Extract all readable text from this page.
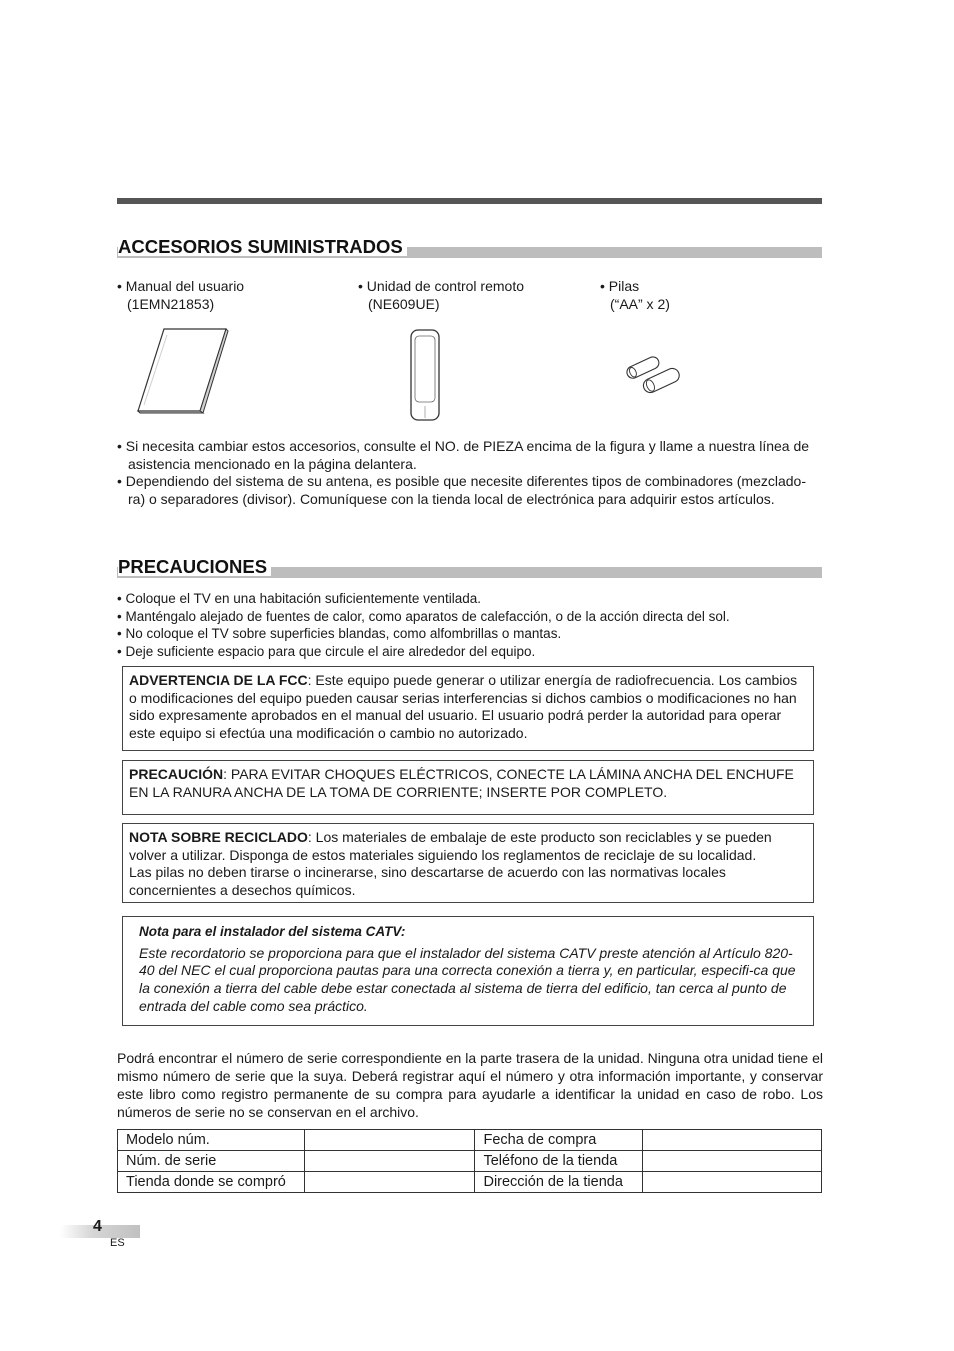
ACCESORIOS SUMINISTRADOS
• Manual del usuario
(1EMN21853)
• Unidad de control remoto
(NE609UE)
• Pilas
(“AA” x 2)

• Si necesita cambiar estos accesorios, consulte el NO. de PIEZA encima de la figura y llame a nuestra línea de asistencia mencionado en la página delantera.

• Dependiendo del sistema de su antena, es posible que necesite diferentes tipos de combinadores (mezclado-ra) o separadores (divisor). Comuníquese con la tienda local de electrónica para adquirir estos artículos.

PRECAUCIONES

• Coloque el TV en una habitación suficientemente ventilada.

• Manténgalo alejado de fuentes de calor, como aparatos de calefacción, o de la acción directa del sol.

• No coloque el TV sobre superficies blandas, como alfombrillas o mantas.

• Deje suficiente espacio para que circule el aire alrededor del equipo.

ADVERTENCIA DE LA FCC: Este equipo puede generar o utilizar energía de radiofrecuencia. Los cambios o modificaciones del equipo pueden causar serias interferencias si dichos cambios o modificaciones no han sido expresamente aprobados en el manual del usuario. El usuario podrá perder la autoridad para operar este equipo si efectúa una modificación o cambio no autorizado.

PRECAUCIÓN: PARA EVITAR CHOQUES ELÉCTRICOS, CONECTE LA LÁMINA ANCHA DEL ENCHUFE EN LA RANURA ANCHA DE LA TOMA DE CORRIENTE; INSERTE POR COMPLETO.

NOTA SOBRE RECICLADO: Los materiales de embalaje de este producto son reciclables y se pueden volver a utilizar. Disponga de estos materiales siguiendo los reglamentos de reciclaje de su localidad.

Las pilas no deben tirarse o incinerarse, sino descartarse de acuerdo con las normativas locales concernientes a desechos químicos.

Nota para el instalador del sistema CATV:

Este recordatorio se proporciona para que el instalador del sistema CATV preste atención al Artículo 820-40 del NEC el cual proporciona pautas para una correcta conexión a tierra y, en particular, especifi-ca que la conexión a tierra del cable debe estar conectada al sistema de tierra del edificio, tan cerca al punto de entrada del cable como sea práctico.

Podrá encontrar el número de serie correspondiente en la parte trasera de la unidad. Ninguna otra unidad tiene el mismo número de serie que la suya. Deberá registrar aquí el número y otra información importante, y conservar este libro como registro permanente de su compra para ayudarle a identificar la unidad en caso de robo. Los números de serie no se conservan en el archivo.
Modelo núm.		Fecha de compra	
Núm. de serie		Teléfono de la tienda	
Tienda donde se compró		Dirección de la tienda	
4
ES
